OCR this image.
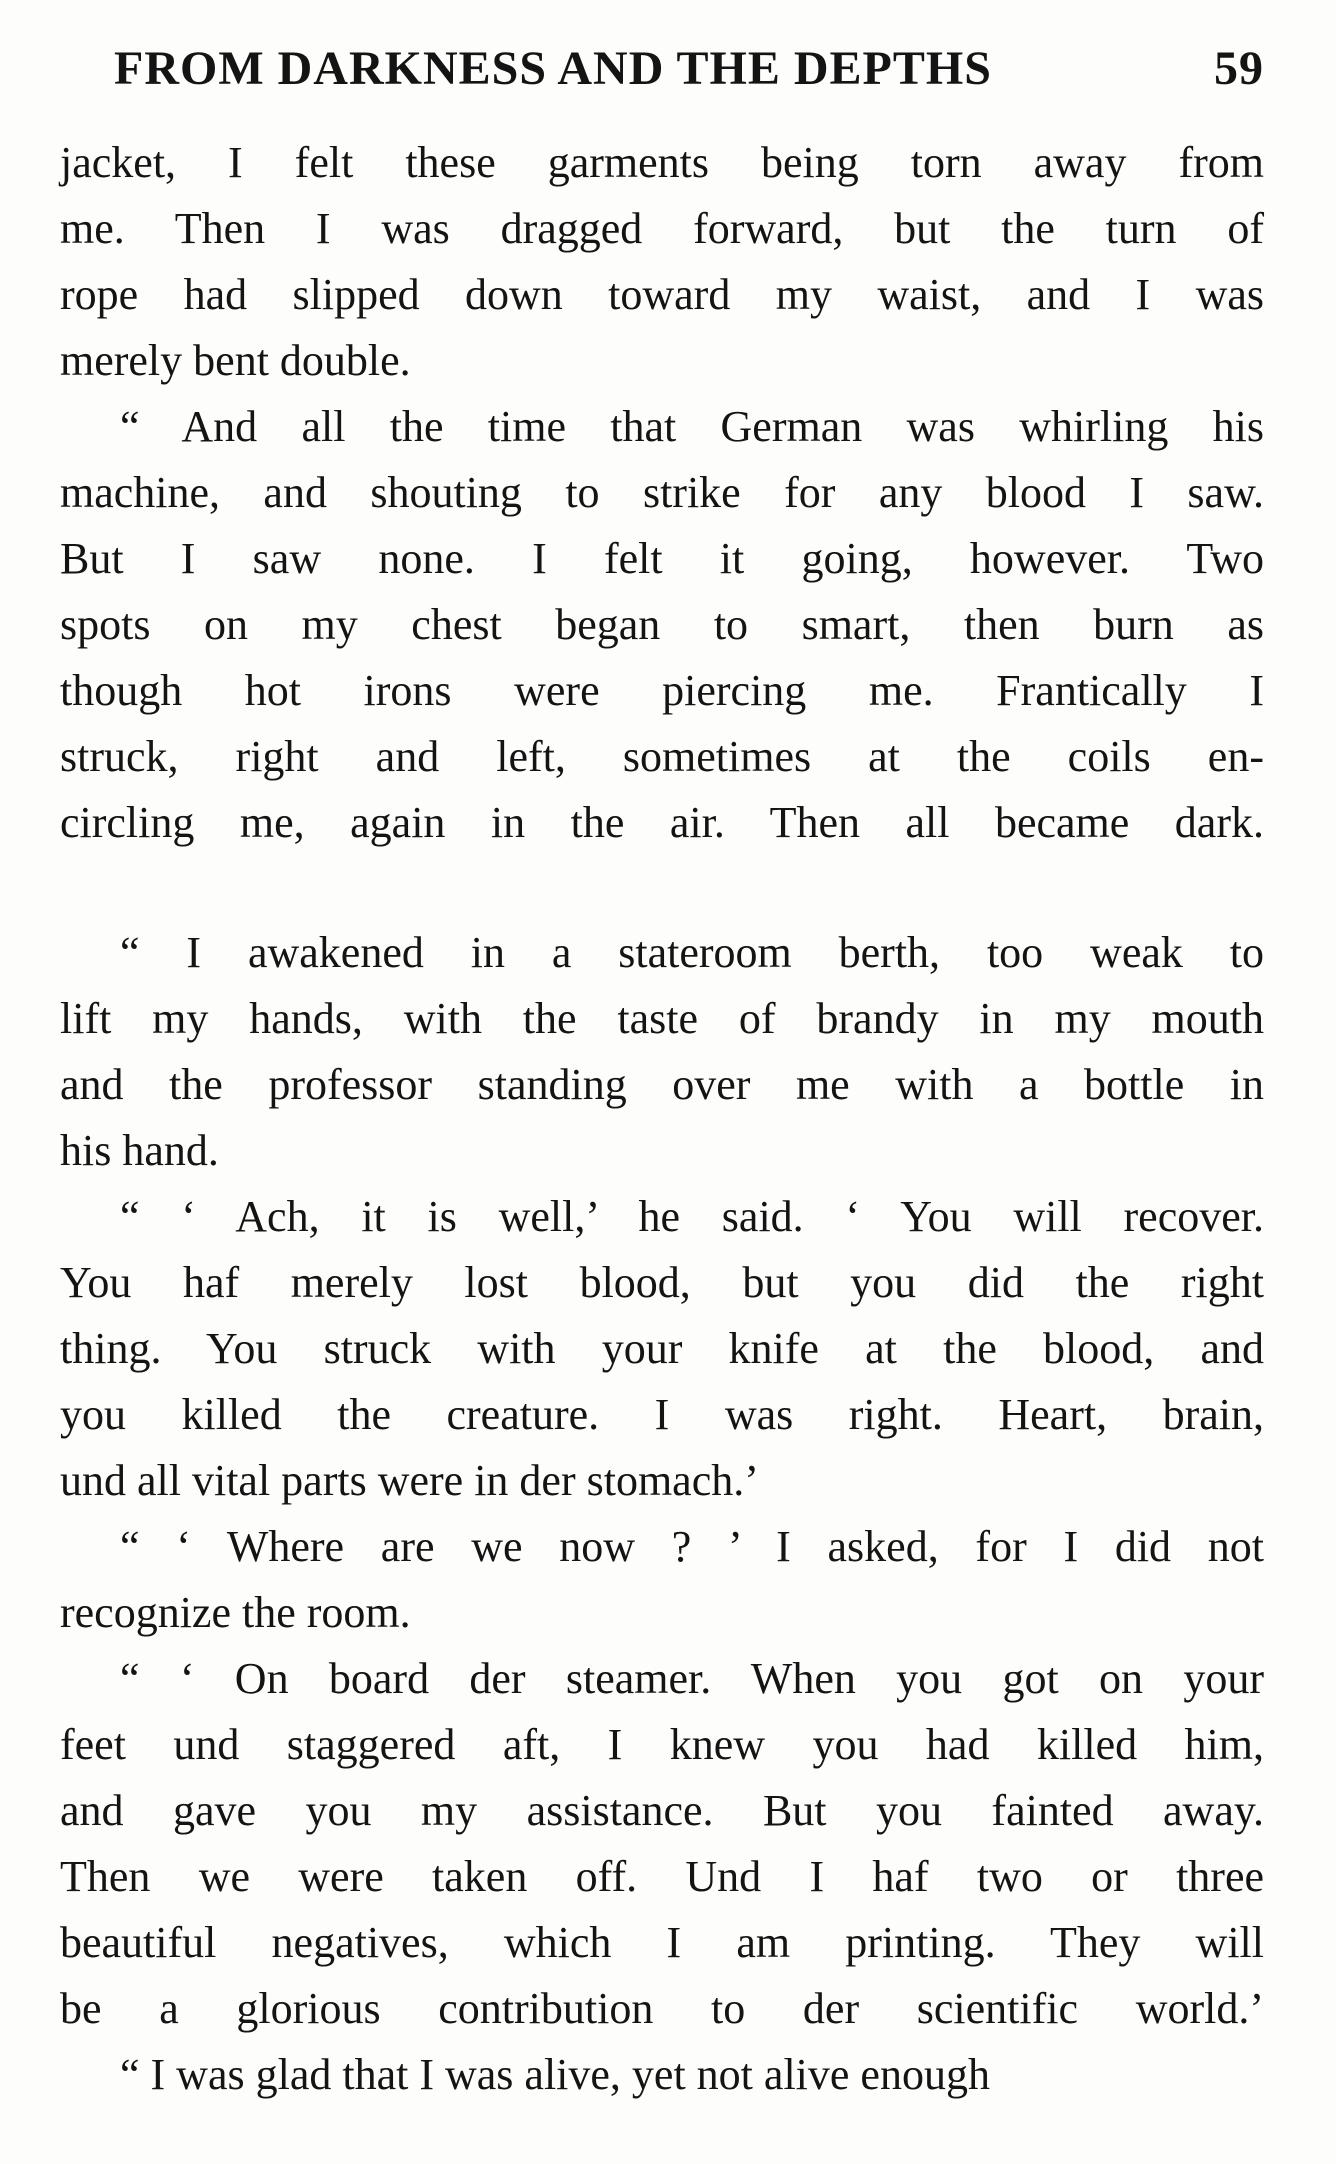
FROM DARKNESS AND THE DEPTHS	59
jacket, I felt these garments being torn away from
me. Then I was dragged forward, but the turn of
rope had slipped down toward my waist, and I was
merely bent double.
“ And all the time that German was whirling his
machine, and shouting to strike for any blood I saw.
But I saw none. I felt it going, however. Two
spots on my chest began to smart, then burn as
though hot irons were piercing me. Frantically I
struck, right and left, sometimes at the coils en-
circling me, again in the air. Then all became dark.
“ I awakened in a stateroom berth, too weak to
lift my hands, with the taste of brandy in my mouth
and the professor standing over me with a bottle in
his hand.
“ ‘ Ach, it is well,’ he said. ‘ You will recover.
You haf merely lost blood, but you did the right
thing. You struck with your knife at the blood, and
you killed the creature. I was right. Heart, brain,
und all vital parts were in der stomach.’
“ ‘ Where are we now ? ’ I asked, for I did not
recognize the room.
“ ‘ On board der steamer. When you got on your
feet und staggered aft, I knew you had killed him,
and gave you my assistance. But you fainted away.
Then we were taken off. Und I haf two or three
beautiful negatives, which I am printing. They will
be a glorious contribution to der scientific world.’
“ I was glad that I was alive, yet not alive enough
